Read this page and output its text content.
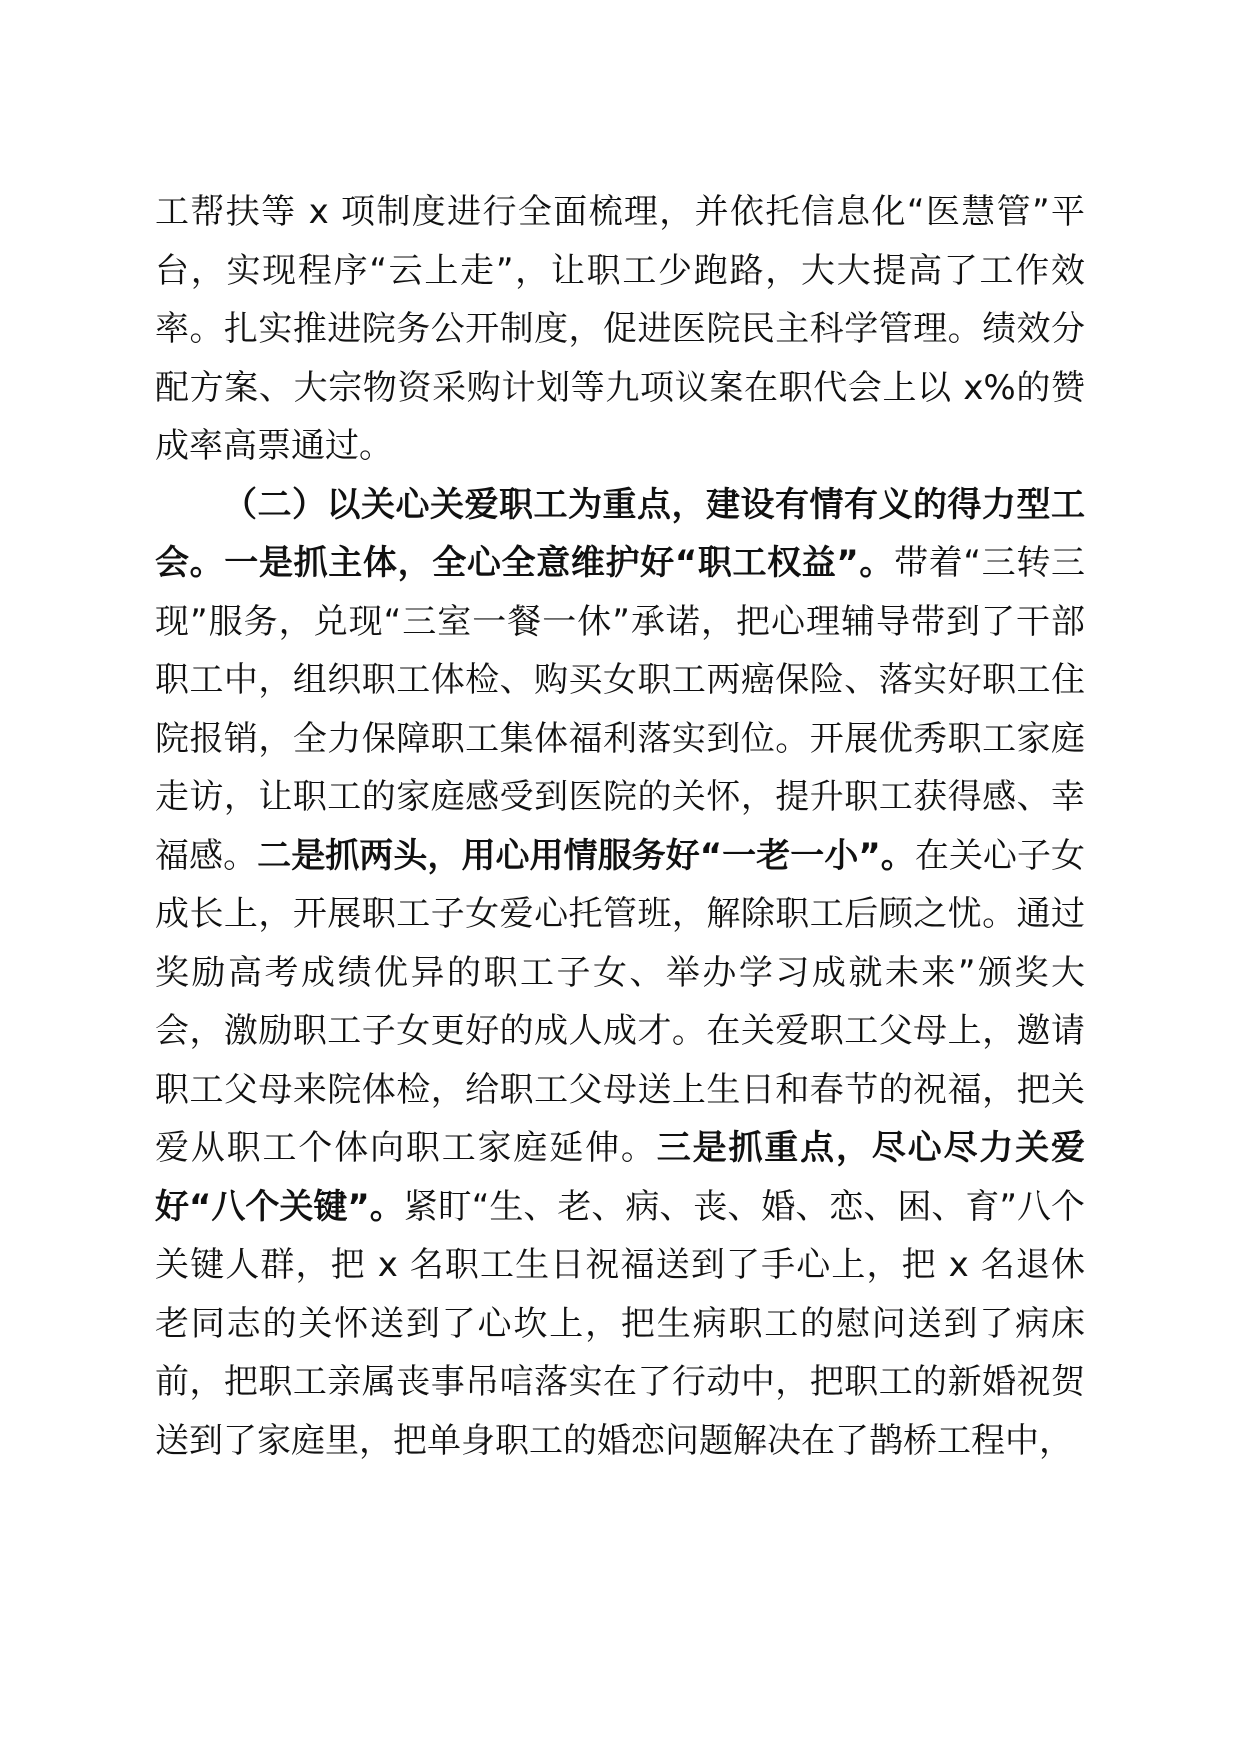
工帮扶等 x 项制度进行全面梳理，并依托信息化“医慧管”平台，实现程序“云上走”，让职工少跑路，大大提高了工作效率。扎实推进院务公开制度，促进医院民主科学管理。绩效分配方案、大宗物资采购计划等九项议案在职代会上以 x%的赞成率高票通过。

（二）以关心关爱职工为重点，建设有情有义的得力型工会。一是抓主体，全心全意维护好“职工权益”。带着“三转三现”服务，兑现“三室一餐一休”承诺，把心理辅导带到了干部职工中，组织职工体检、购买女职工两癌保险、落实好职工住院报销，全力保障职工集体福利落实到位。开展优秀职工家庭走访，让职工的家庭感受到医院的关怀，提升职工获得感、幸福感。二是抓两头，用心用情服务好“一老一小”。在关心子女成长上，开展职工子女爱心托管班，解除职工后顾之忧。通过奖励高考成绩优异的职工子女、举办学习成就未来”颁奖大会，激励职工子女更好的成人成才。在关爱职工父母上，邀请职工父母来院体检，给职工父母送上生日和春节的祝福，把关爱从职工个体向职工家庭延伸。三是抓重点，尽心尽力关爱好“八个关键”。紧盯“生、老、病、丧、婚、恋、困、育”八个关键人群，把 x 名职工生日祝福送到了手心上，把 x 名退休老同志的关怀送到了心坎上，把生病职工的慰问送到了病床前，把职工亲属丧事吊唁落实在了行动中，把职工的新婚祝贺送到了家庭里，把单身职工的婚恋问题解决在了鹊桥工程中，
